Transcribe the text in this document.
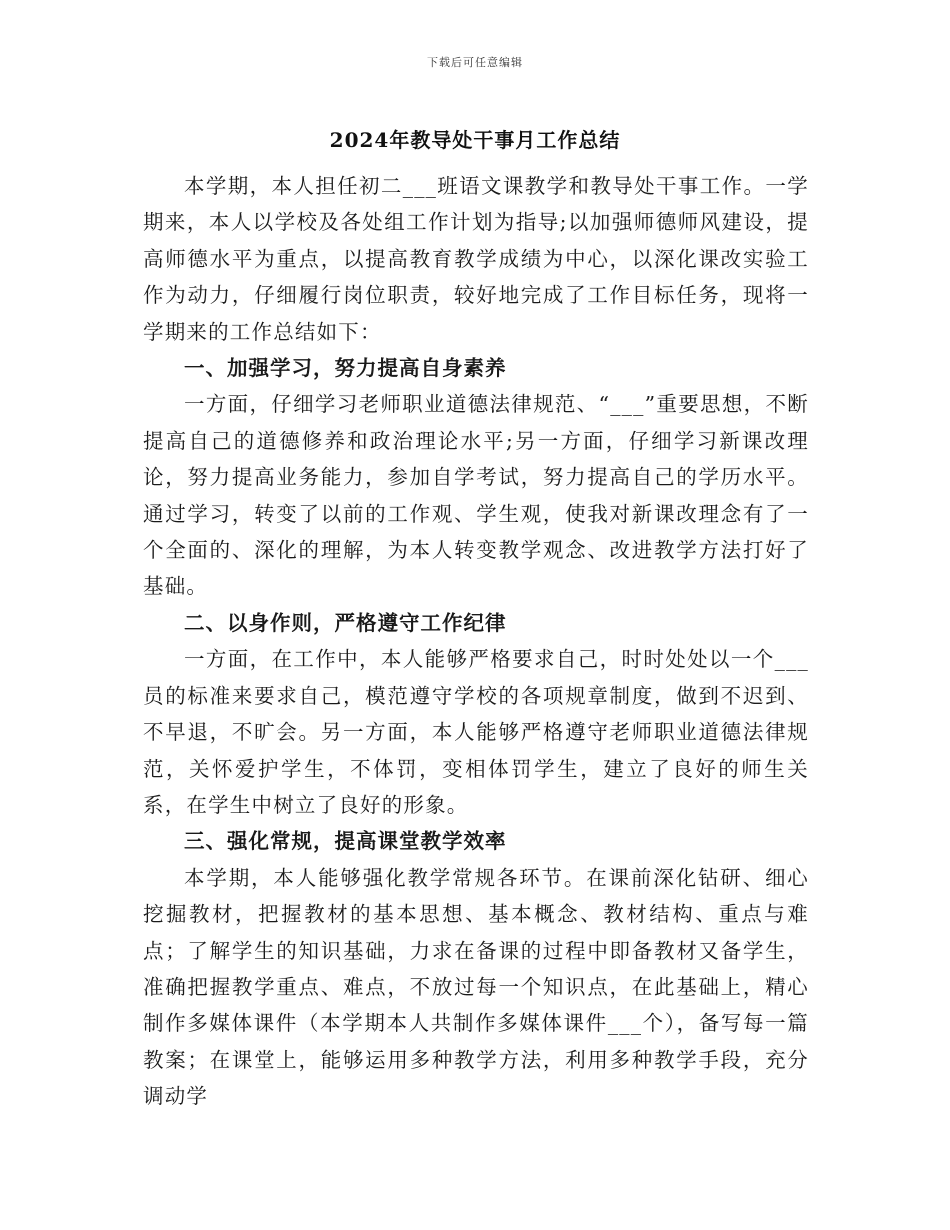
下载后可任意编辑
2024年教导处干事月工作总结

本学期，本人担任初二___班语文课教学和教导处干事工作。一学期来，本人以学校及各处组工作计划为指导;以加强师德师风建设，提高师德水平为重点，以提高教育教学成绩为中心，以深化课改实验工作为动力，仔细履行岗位职责，较好地完成了工作目标任务，现将一学期来的工作总结如下：

一、加强学习，努力提高自身素养

一方面，仔细学习老师职业道德法律规范、“___”重要思想，不断提高自己的道德修养和政治理论水平;另一方面，仔细学习新课改理论，努力提高业务能力，参加自学考试，努力提高自己的学历水平。通过学习，转变了以前的工作观、学生观，使我对新课改理念有了一个全面的、深化的理解，为本人转变教学观念、改进教学方法打好了基础。

二、以身作则，严格遵守工作纪律

一方面，在工作中，本人能够严格要求自己，时时处处以一个___员的标准来要求自己，模范遵守学校的各项规章制度，做到不迟到、不早退，不旷会。另一方面，本人能够严格遵守老师职业道德法律规范，关怀爱护学生，不体罚，变相体罚学生，建立了良好的师生关系，在学生中树立了良好的形象。

三、强化常规，提高课堂教学效率

本学期，本人能够强化教学常规各环节。在课前深化钻研、细心挖掘教材，把握教材的基本思想、基本概念、教材结构、重点与难点；了解学生的知识基础，力求在备课的过程中即备教材又备学生，准确把握教学重点、难点，不放过每一个知识点，在此基础上，精心制作多媒体课件（本学期本人共制作多媒体课件___个），备写每一篇教案；在课堂上，能够运用多种教学方法，利用多种教学手段，充分调动学
